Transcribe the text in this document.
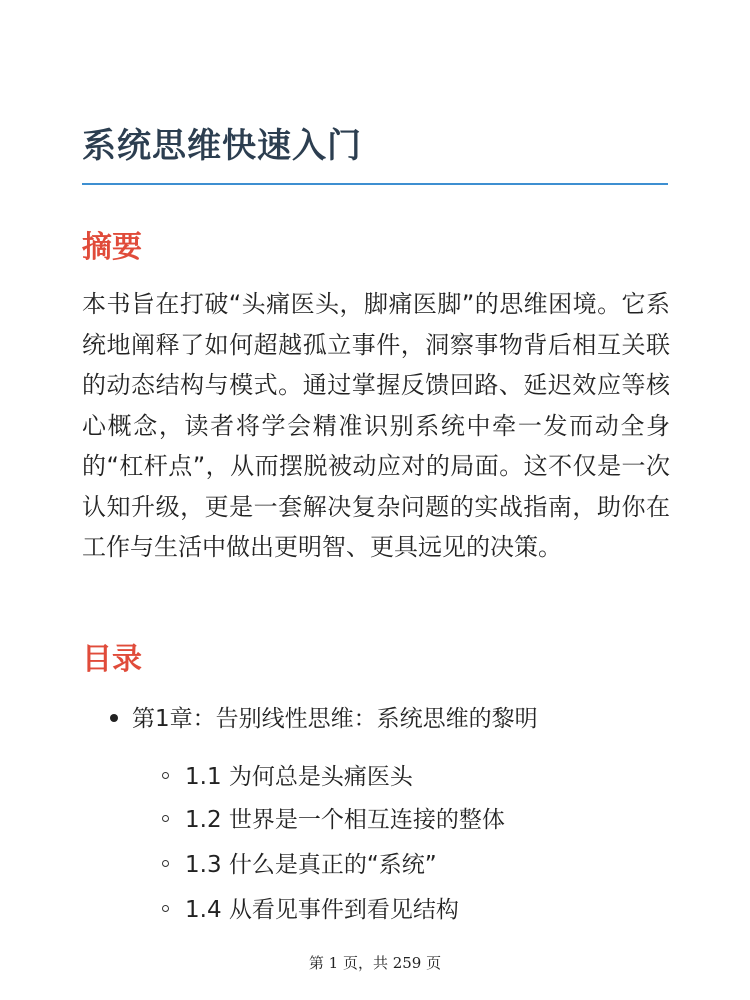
系统思维快速入门
摘要

本书旨在打破“头痛医头，脚痛医脚”的思维困境。它系统地阐释了如何超越孤立事件，洞察事物背后相互关联的动态结构与模式。通过掌握反馈回路、延迟效应等核心概念，读者将学会精准识别系统中牵一发而动全身的“杠杆点”，从而摆脱被动应对的局面。这不仅是一次认知升级，更是一套解决复杂问题的实战指南，助你在工作与生活中做出更明智、更具远见的决策。

目录
第1章：告别线性思维：系统思维的黎明
1.1 为何总是头痛医头
1.2 世界是一个相互连接的整体
1.3 什么是真正的“系统”
1.4 从看见事件到看见结构
第 1 页，共 259 页
